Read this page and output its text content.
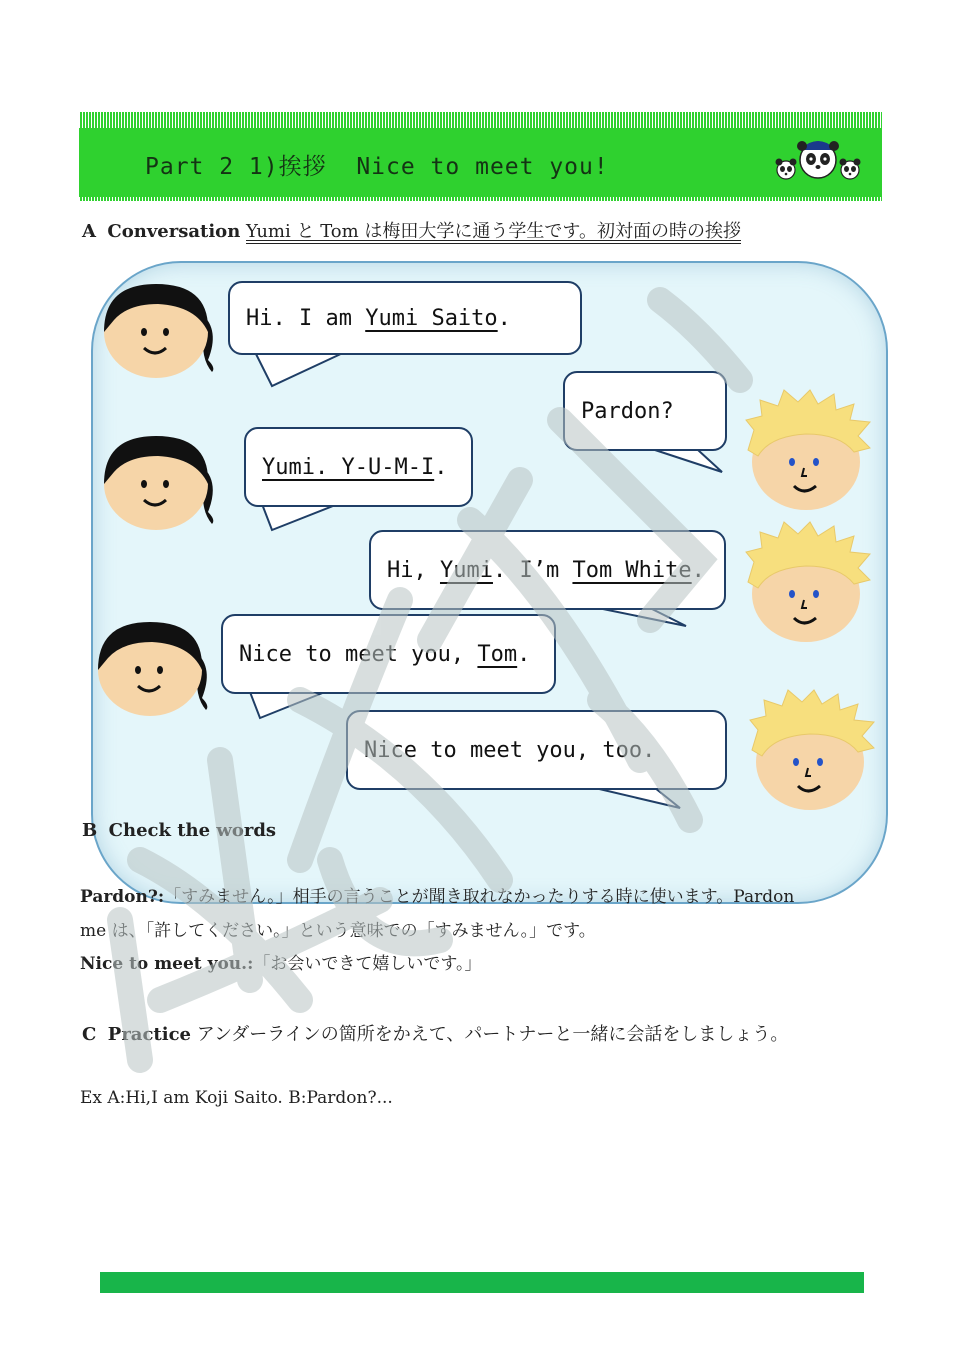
Part 2 1)挨拶  Nice to meet you!
A Conversation Yumi と Tom は梅田大学に通う学生です。初対面の時の挨拶
Hi. I am Yumi Saito .
Pardon?
Yumi. Y-U-M-I .
Hi, Yumi . I’m Tom White .
Nice to meet you, Tom .
Nice to meet you, too.
B Check the words
Pardon?:「すみません。」相手の言うことが聞き取れなかったりする時に使います。Pardon
me は、「許してください。」という意味での「すみません。」です。
Nice to meet you.:「お会いできて嬉しいです。」
C Practice アンダーラインの箇所をかえて、パートナーと一緒に会話をしましょう。
Ex A:Hi,I am Koji Saito. B:Pardon?...
